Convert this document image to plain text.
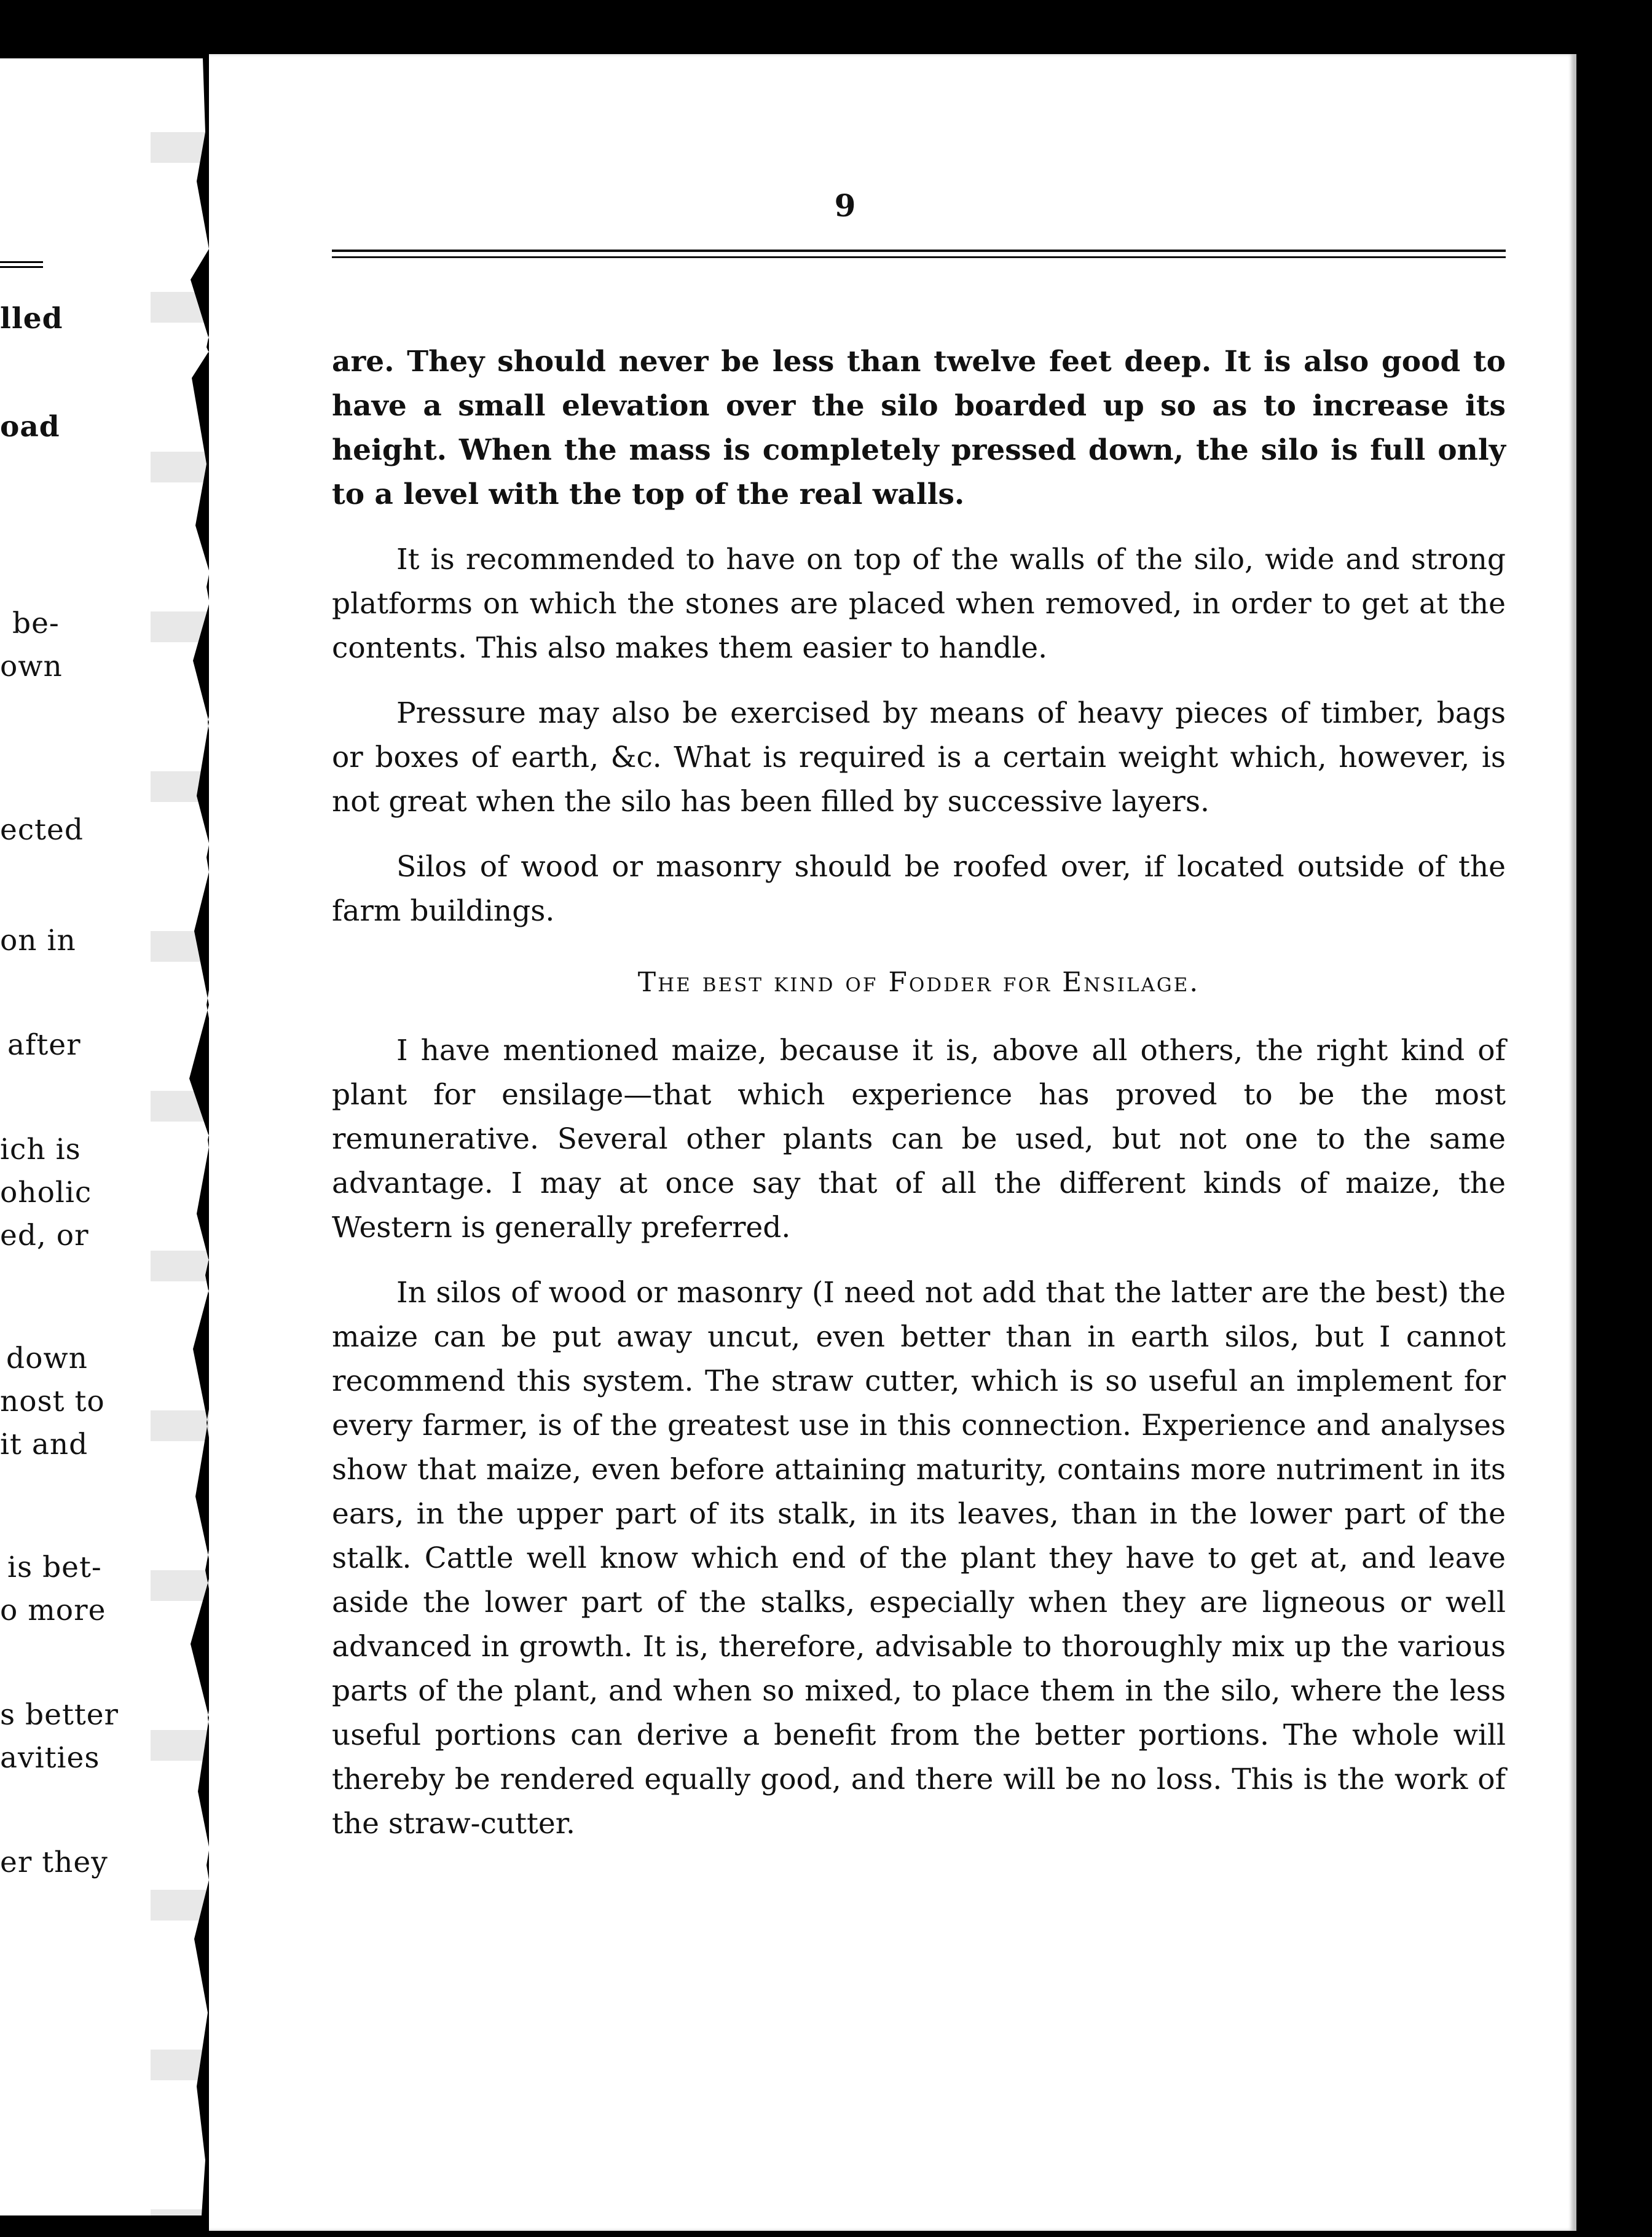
lled
oad
be-
own
ected
on in
after
ich is
oholic
ed, or
down
nost to
it and
is bet-
o more
s better
avities
er they
9

are. They should never be less than twelve feet deep. It is also good to have a small elevation over the silo boarded up so as to increase its height. When the mass is completely pressed down, the silo is full only to a level with the top of the real walls.

It is recommended to have on top of the walls of the silo, wide and strong platforms on which the stones are placed when removed, in order to get at the contents. This also makes them easier to handle.

Pressure may also be exercised by means of heavy pieces of timber, bags or boxes of earth, &c. What is required is a certain weight which, however, is not great when the silo has been filled by successive layers.

Silos of wood or masonry should be roofed over, if located outside of the farm buildings.

The best kind of Fodder for Ensilage.

I have mentioned maize, because it is, above all others, the right kind of plant for ensilage—that which experience has proved to be the most remunerative. Several other plants can be used, but not one to the same advantage. I may at once say that of all the different kinds of maize, the Western is generally preferred.

In silos of wood or masonry (I need not add that the latter are the best) the maize can be put away uncut, even better than in earth silos, but I cannot recommend this system. The straw cutter, which is so useful an implement for every farmer, is of the greatest use in this connection. Experience and analyses show that maize, even before attaining maturity, contains more nutriment in its ears, in the upper part of its stalk, in its leaves, than in the lower part of the stalk. Cattle well know which end of the plant they have to get at, and leave aside the lower part of the stalks, especially when they are ligneous or well advanced in growth. It is, therefore, advisable to thoroughly mix up the various parts of the plant, and when so mixed, to place them in the silo, where the less useful portions can derive a benefit from the better portions. The whole will thereby be rendered equally good, and there will be no loss. This is the work of the straw-cutter.
